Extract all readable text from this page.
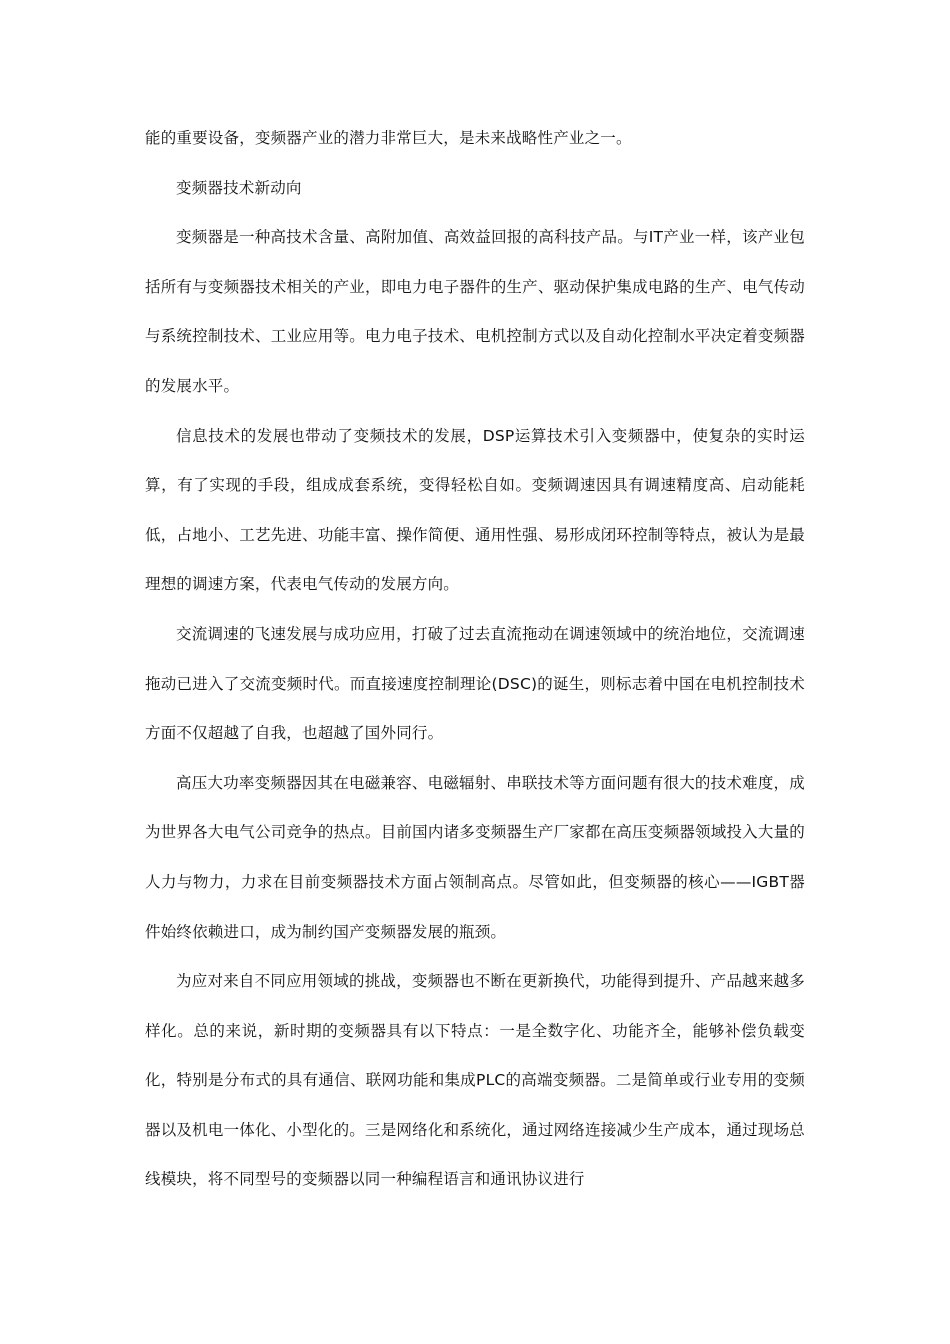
能的重要设备，变频器产业的潜力非常巨大，是未来战略性产业之一。

变频器技术新动向

变频器是一种高技术含量、高附加值、高效益回报的高科技产品。与IT产业一样，该产业包括所有与变频器技术相关的产业，即电力电子器件的生产、驱动保护集成电路的生产、电气传动与系统控制技术、工业应用等。电力电子技术、电机控制方式以及自动化控制水平决定着变频器的发展水平。

信息技术的发展也带动了变频技术的发展，DSP运算技术引入变频器中，使复杂的实时运算，有了实现的手段，组成成套系统，变得轻松自如。变频调速因具有调速精度高、启动能耗低，占地小、工艺先进、功能丰富、操作简便、通用性强、易形成闭环控制等特点，被认为是最理想的调速方案，代表电气传动的发展方向。

交流调速的飞速发展与成功应用，打破了过去直流拖动在调速领域中的统治地位，交流调速拖动已进入了交流变频时代。而直接速度控制理论(DSC)的诞生，则标志着中国在电机控制技术方面不仅超越了自我，也超越了国外同行。

高压大功率变频器因其在电磁兼容、电磁辐射、串联技术等方面问题有很大的技术难度，成为世界各大电气公司竞争的热点。目前国内诸多变频器生产厂家都在高压变频器领域投入大量的人力与物力，力求在目前变频器技术方面占领制高点。尽管如此，但变频器的核心——IGBT器件始终依赖进口，成为制约国产变频器发展的瓶颈。

为应对来自不同应用领域的挑战，变频器也不断在更新换代，功能得到提升、产品越来越多样化。总的来说，新时期的变频器具有以下特点：一是全数字化、功能齐全，能够补偿负载变化，特别是分布式的具有通信、联网功能和集成PLC的高端变频器。二是简单或行业专用的变频器以及机电一体化、小型化的。三是网络化和系统化，通过网络连接减少生产成本，通过现场总线模块，将不同型号的变频器以同一种编程语言和通讯协议进行
